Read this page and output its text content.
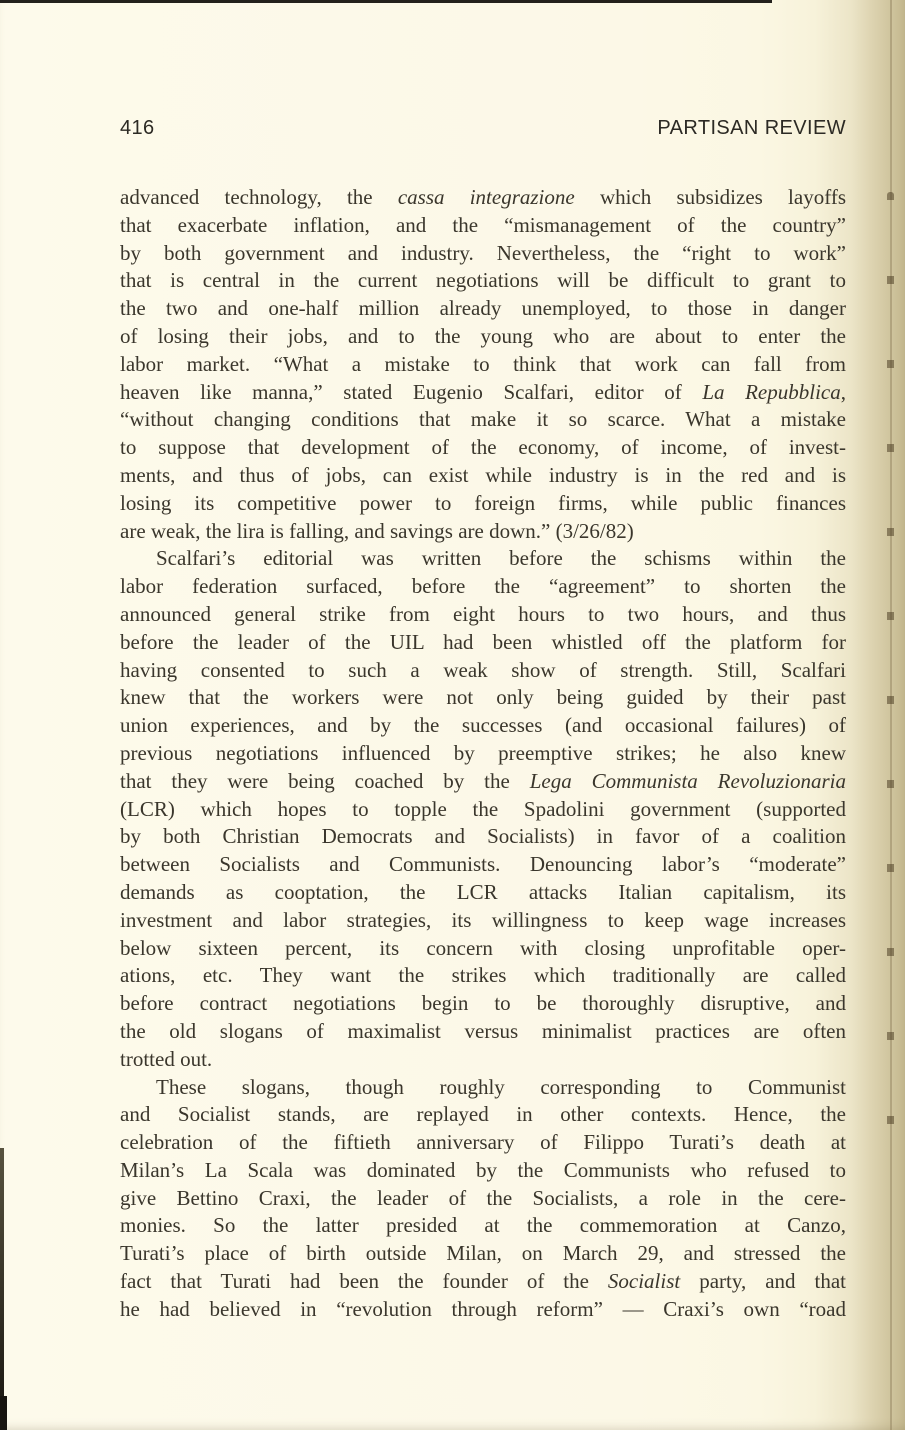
416	PARTISAN REVIEW
advanced technology, the cassa integrazione which subsidizes layoffs
that exacerbate inflation, and the “mismanagement of the country”
by both government and industry. Nevertheless, the “right to work”
that is central in the current negotiations will be difficult to grant to
the two and one-half million already unemployed, to those in danger
of losing their jobs, and to the young who are about to enter the
labor market. “What a mistake to think that work can fall from
heaven like manna,” stated Eugenio Scalfari, editor of La Repubblica,
“without changing conditions that make it so scarce. What a mistake
to suppose that development of the economy, of income, of invest-
ments, and thus of jobs, can exist while industry is in the red and is
losing its competitive power to foreign firms, while public finances
are weak, the lira is falling, and savings are down.” (3/26/82)
Scalfari’s editorial was written before the schisms within the
labor federation surfaced, before the “agreement” to shorten the
announced general strike from eight hours to two hours, and thus
before the leader of the UIL had been whistled off the platform for
having consented to such a weak show of strength. Still, Scalfari
knew that the workers were not only being guided by their past
union experiences, and by the successes (and occasional failures) of
previous negotiations influenced by preemptive strikes; he also knew
that they were being coached by the Lega Communista Revoluzionaria
(LCR) which hopes to topple the Spadolini government (supported
by both Christian Democrats and Socialists) in favor of a coalition
between Socialists and Communists. Denouncing labor’s “moderate”
demands as cooptation, the LCR attacks Italian capitalism, its
investment and labor strategies, its willingness to keep wage increases
below sixteen percent, its concern with closing unprofitable oper-
ations, etc. They want the strikes which traditionally are called
before contract negotiations begin to be thoroughly disruptive, and
the old slogans of maximalist versus minimalist practices are often
trotted out.
These slogans, though roughly corresponding to Communist
and Socialist stands, are replayed in other contexts. Hence, the
celebration of the fiftieth anniversary of Filippo Turati’s death at
Milan’s La Scala was dominated by the Communists who refused to
give Bettino Craxi, the leader of the Socialists, a role in the cere-
monies. So the latter presided at the commemoration at Canzo,
Turati’s place of birth outside Milan, on March 29, and stressed the
fact that Turati had been the founder of the Socialist party, and that
he had believed in “revolution through reform” — Craxi’s own “road
